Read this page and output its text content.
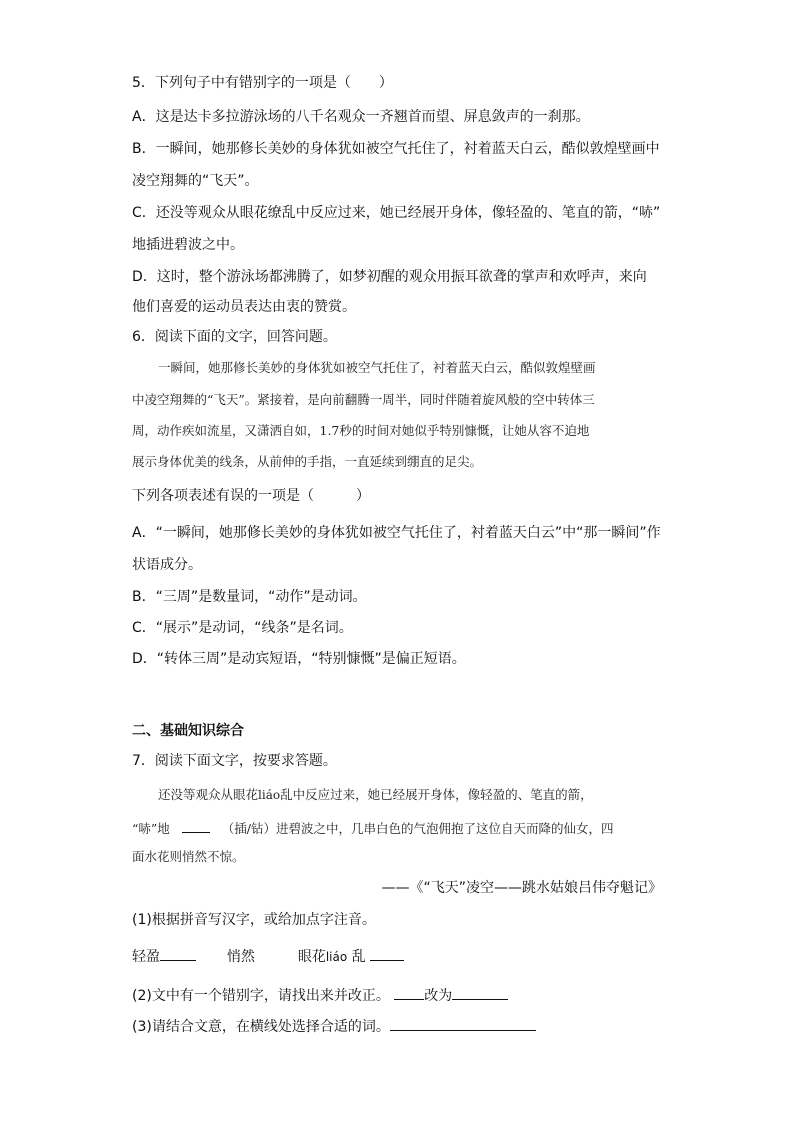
5．下列句子中有错别字的一项是（　　）
A．这是达卡多拉游泳场的八千名观众一齐翘首而望、屏息敛声的一刹那。
B．一瞬间，她那修长美妙的身体犹如被空气托住了，衬着蓝天白云，酷似敦煌壁画中
凌空翔舞的“飞天”。
C．还没等观众从眼花缭乱中反应过来，她已经展开身体，像轻盈的、笔直的箭，“哧”
地插进碧波之中。
D．这时，整个游泳场都沸腾了，如梦初醒的观众用振耳欲聋的掌声和欢呼声，来向
他们喜爱的运动员表达由衷的赞赏。
6．阅读下面的文字，回答问题。
一瞬间，她那修长美妙的身体犹如被空气托住了，衬着蓝天白云，酷似敦煌壁画
中凌空翔舞的“飞天”。紧接着，是向前翻腾一周半，同时伴随着旋风般的空中转体三
周，动作疾如流星，又潇洒自如，1.7秒的时间对她似乎特别慷慨，让她从容不迫地
展示身体优美的线条，从前伸的手指，一直延续到绷直的足尖。
下列各项表述有误的一项是（　　　）
A．“一瞬间，她那修长美妙的身体犹如被空气托住了，衬着蓝天白云”中“那一瞬间”作
状语成分。
B．“三周”是数量词，“动作”是动词。
C．“展示”是动词，“线条”是名词。
D．“转体三周”是动宾短语，“特别慷慨”是偏正短语。
二、基础知识综合
7．阅读下面文字，按要求答题。
还没等观众从眼花liáo乱中反应过来，她已经展开身体，像轻盈的、笔直的箭，
“哧”地	（插/钻）进碧波之中，几串白色的气泡佣抱了这位自天而降的仙女，四
面水花则悄然不惊。
——《“飞天”凌空——跳水姑娘吕伟夺魁记》
(1)根据拼音写汉字，或给加点字注音。
轻盈	悄然	眼花liáo 乱
(2)文中有一个错别字，请找出来并改正。 改为
(3)请结合文意，在横线处选择合适的词。
